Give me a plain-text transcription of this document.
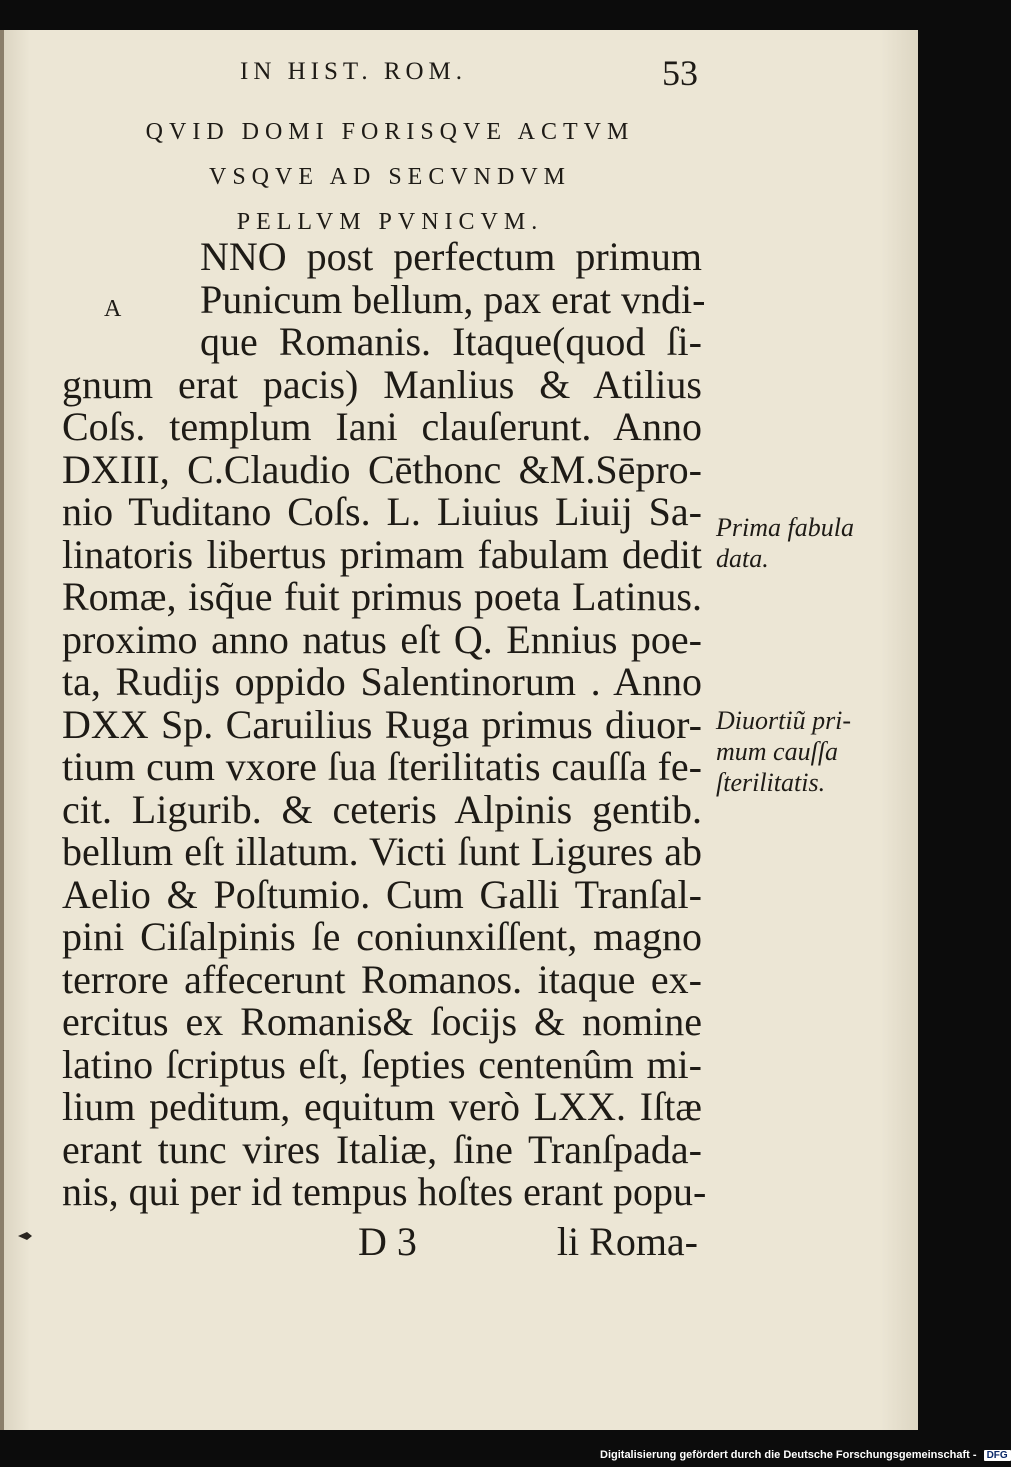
IN HIST. ROM.	53
QVID DOMI FORISQVE ACTVM
VSQVE AD SECVNDVM
PELLVM PVNICVM.
A
NNO post perfectum primum
Punicum bellum, pax erat vndi-
que Romanis. Itaque(quod ſi-
gnum erat pacis) Manlius & Atilius
Coſs. templum Iani clauſerunt. Anno
DXIII, C.Claudio Cēthonc &M.Sēpro-
nio Tuditano Coſs. L. Liuius Liuij Sa-
linatoris libertus primam fabulam dedit
Romæ, isq̃ue fuit primus poeta Latinus.
proximo anno natus eſt Q. Ennius poe-
ta, Rudijs oppido Salentinorum . Anno
DXX Sp. Caruilius Ruga primus diuor-
tium cum vxore ſua ſterilitatis cauſſa fe-
cit. Ligurib. & ceteris Alpinis gentib.
bellum eſt illatum. Victi ſunt Ligures ab
Aelio & Poſtumio. Cum Galli Tranſal-
pini Ciſalpinis ſe coniunxiſſent, magno
terrore affecerunt Romanos. itaque ex-
ercitus ex Romanis& ſocijs & nomine
latino ſcriptus eſt, ſepties centenûm mi-
lium peditum, equitum verò LXX. Iſtæ
erant tunc vires Italiæ, ſine Tranſpada-
nis, qui per id tempus hoſtes erant popu-
D 3	li Roma-
Prima fabula
data.
Diuortiũ pri-
mum cauſſa
ſterilitatis.
Digitalisierung gefördert durch die Deutsche Forschungsgemeinschaft - DFG
